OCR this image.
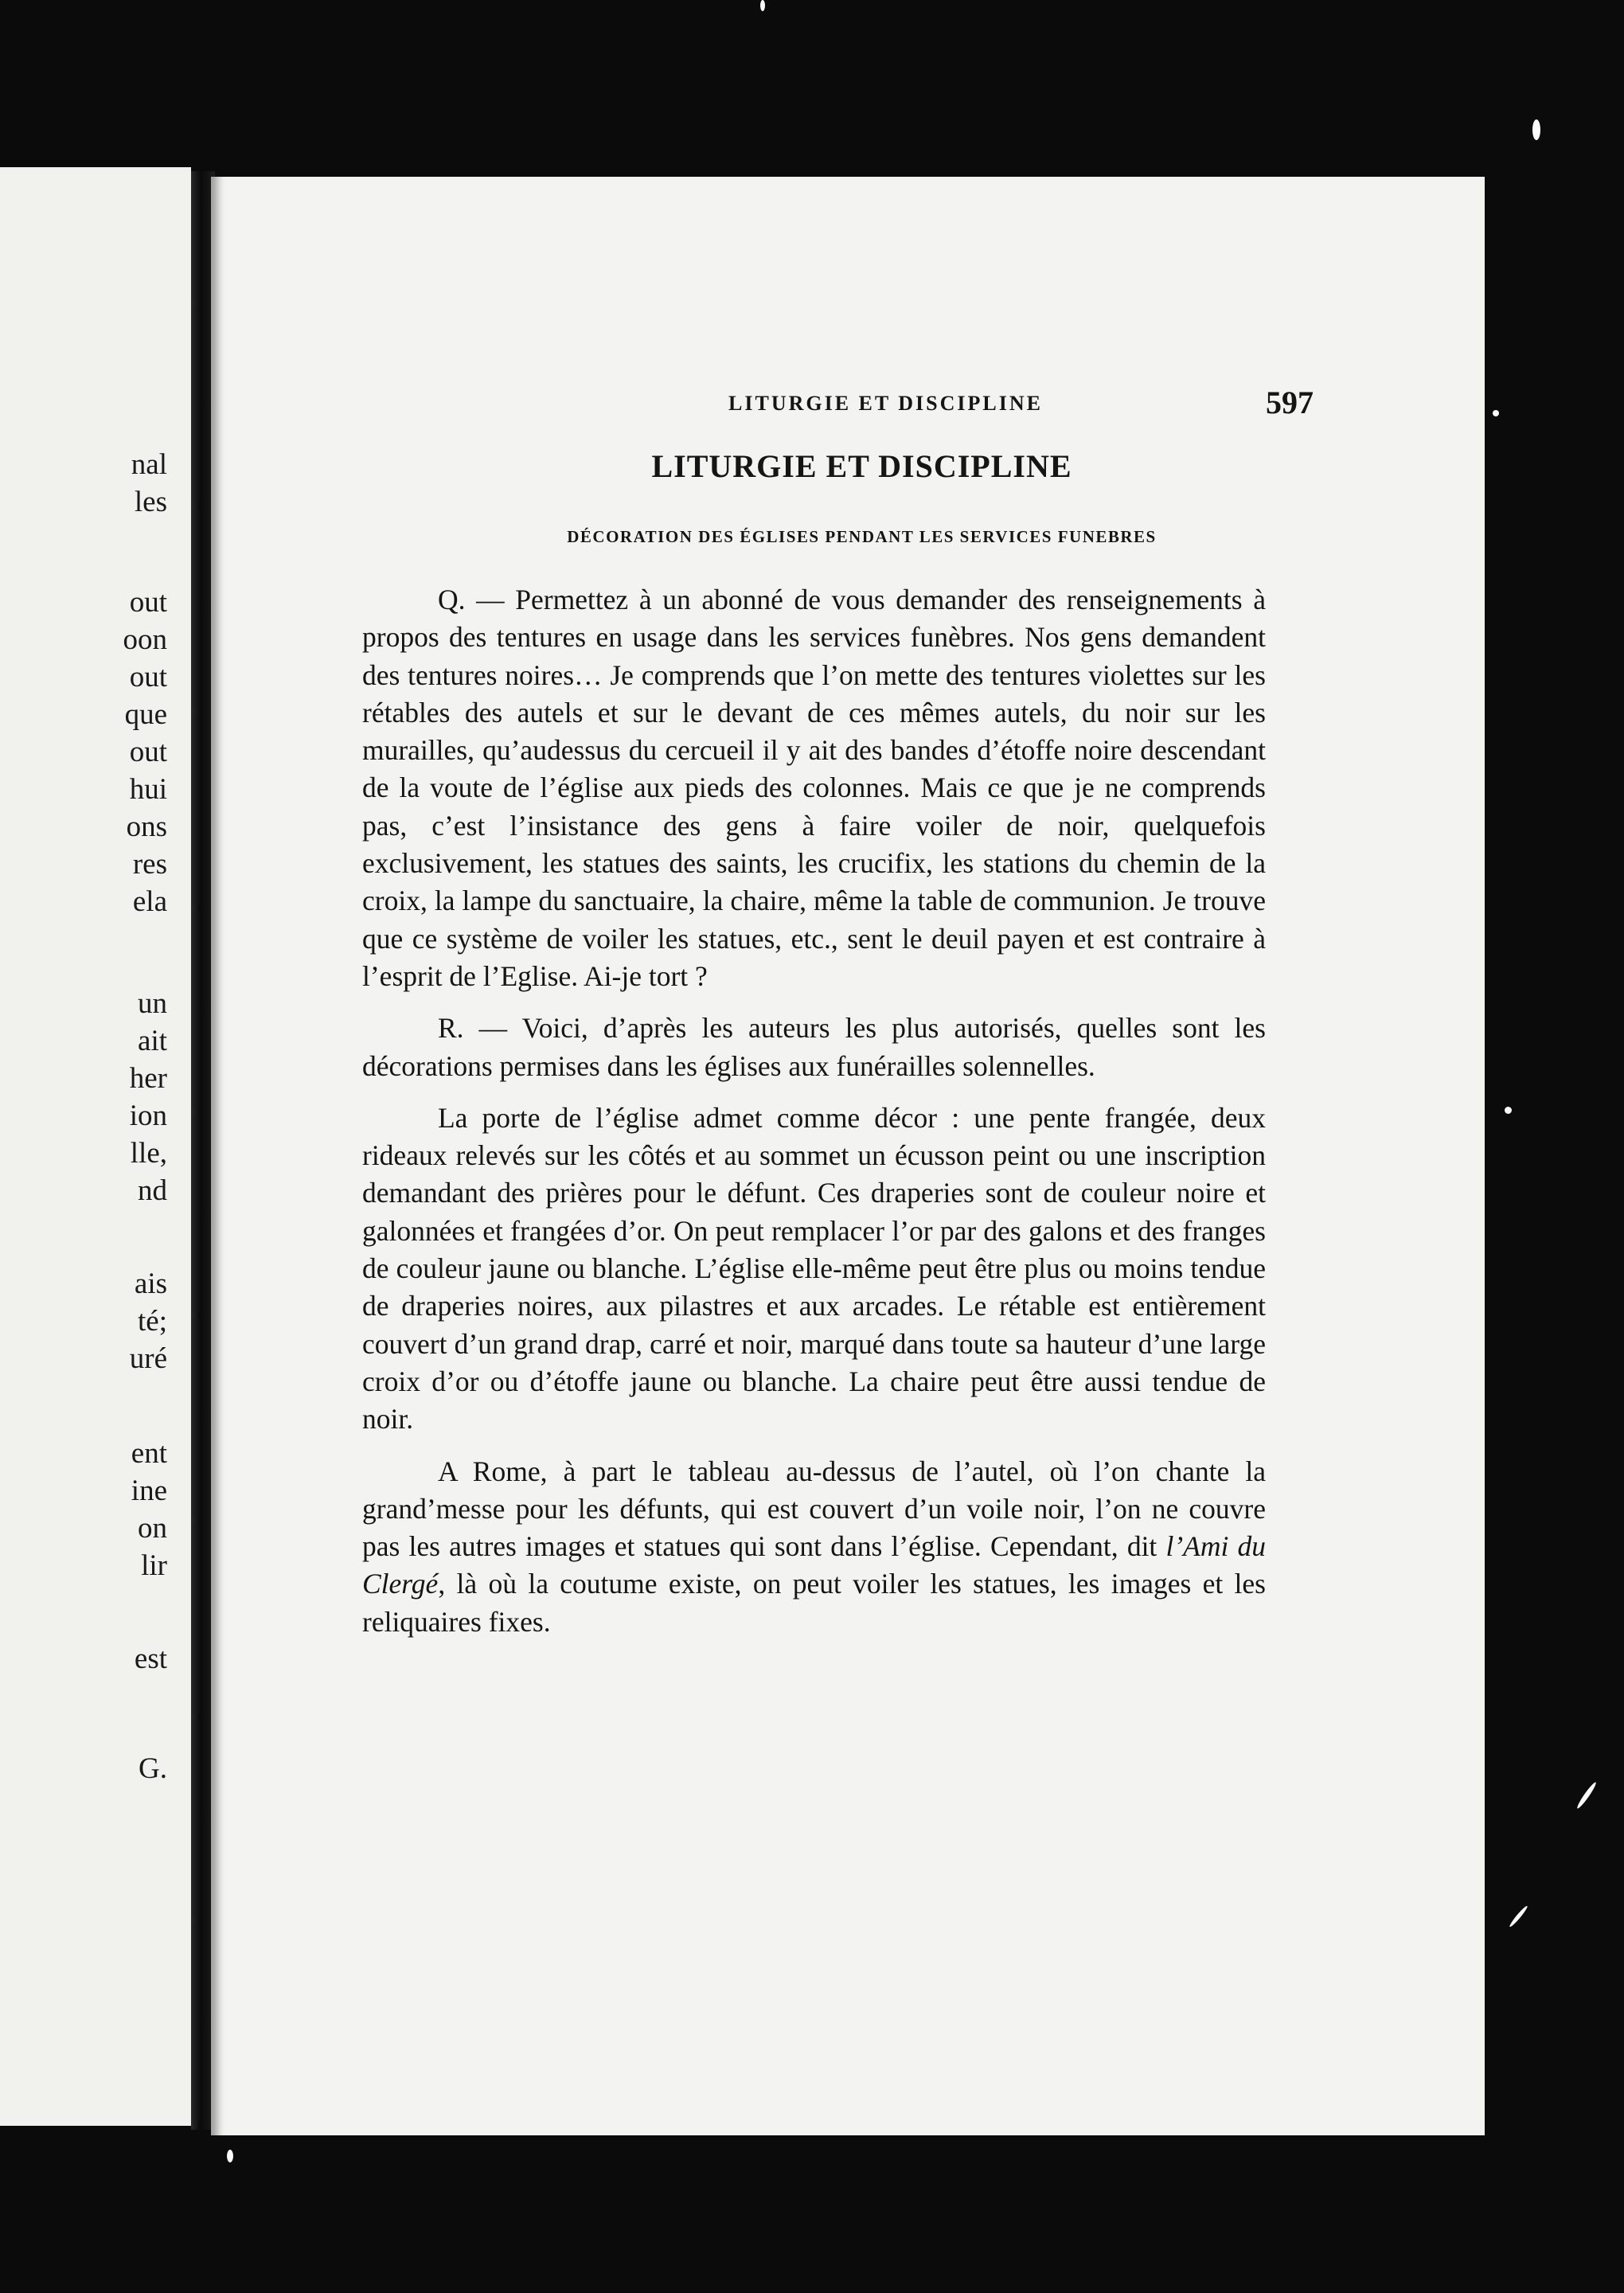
nal
les
out
oon
out
que
out
hui
ons
res
ela
un
ait
her
ion
lle,
nd
ais
té;
uré
ent
ine
on
lir
est
G.
LITURGIE ET DISCIPLINE	597
LITURGIE ET DISCIPLINE
DÉCORATION DES ÉGLISES PENDANT LES SERVICES FUNEBRES

Q. — Permettez à un abonné de vous demander des renseignements à propos des tentures en usage dans les services funèbres. Nos gens demandent des tentures noires… Je comprends que l’on mette des tentures violettes sur les rétables des autels et sur le devant de ces mêmes autels, du noir sur les murailles, qu’audessus du cercueil il y ait des bandes d’étoffe noire descendant de la voute de l’église aux pieds des colonnes. Mais ce que je ne comprends pas, c’est l’insistance des gens à faire voiler de noir, quelquefois exclusivement, les statues des saints, les crucifix, les stations du chemin de la croix, la lampe du sanctuaire, la chaire, même la table de communion. Je trouve que ce système de voiler les statues, etc., sent le deuil payen et est contraire à l’esprit de l’Eglise. Ai-je tort ?

R. — Voici, d’après les auteurs les plus autorisés, quelles sont les décorations permises dans les églises aux funérailles solennelles.

La porte de l’église admet comme décor : une pente frangée, deux rideaux relevés sur les côtés et au sommet un écusson peint ou une inscription demandant des prières pour le défunt. Ces draperies sont de couleur noire et galonnées et frangées d’or. On peut remplacer l’or par des galons et des franges de couleur jaune ou blanche. L’église elle-même peut être plus ou moins tendue de draperies noires, aux pilastres et aux arcades. Le rétable est entièrement couvert d’un grand drap, carré et noir, marqué dans toute sa hauteur d’une large croix d’or ou d’étoffe jaune ou blanche. La chaire peut être aussi tendue de noir.

A Rome, à part le tableau au-dessus de l’autel, où l’on chante la grand’messe pour les défunts, qui est couvert d’un voile noir, l’on ne couvre pas les autres images et statues qui sont dans l’église. Cependant, dit l’Ami du Clergé, là où la coutume existe, on peut voiler les statues, les images et les reliquaires fixes.
